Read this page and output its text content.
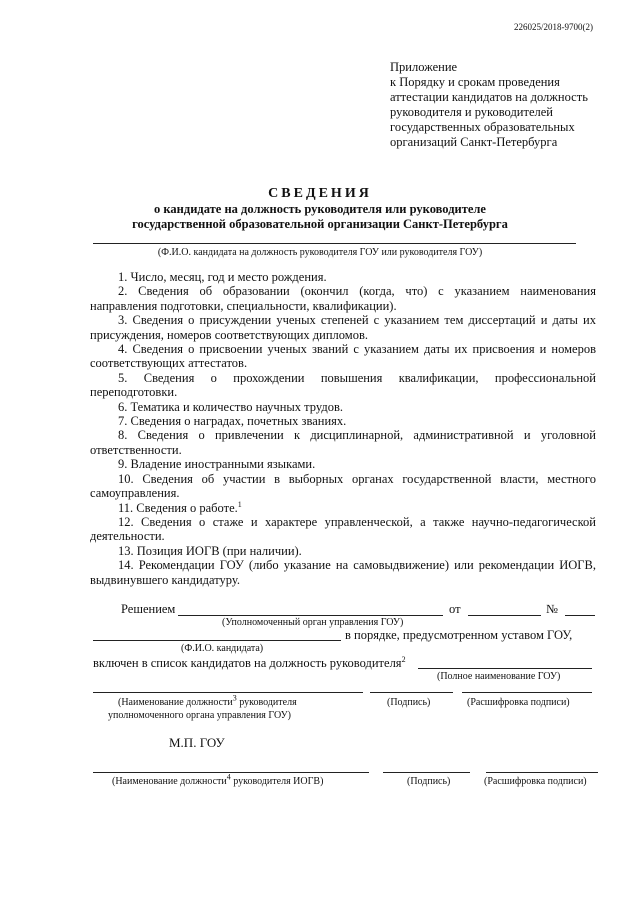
226025/2018-9700(2)
Приложение
к Порядку и срокам проведения
аттестации кандидатов на должность
руководителя и руководителей
государственных образовательных
организаций Санкт-Петербурга
СВЕДЕНИЯ
о кандидате на должность руководителя или руководителе
государственной образовательной организации Санкт-Петербурга
(Ф.И.О. кандидата на должность руководителя ГОУ или руководителя ГОУ)

1. Число, месяц, год и место рождения.

2. Сведения об образовании (окончил (когда, что) с указанием наименования направления подготовки, специальности, квалификации).

3. Сведения о присуждении ученых степеней с указанием тем диссертаций и даты их присуждения, номеров соответствующих дипломов.

4. Сведения о присвоении ученых званий с указанием даты их присвоения и номеров соответствующих аттестатов.

5. Сведения о прохождении повышения квалификации, профессиональной переподготовки.

6. Тематика и количество научных трудов.

7. Сведения о наградах, почетных званиях.

8. Сведения о привлечении к дисциплинарной, административной и уголовной ответственности.

9. Владение иностранными языками.

10. Сведения об участии в выборных органах государственной власти, местного самоуправления.

11. Сведения о работе.$^1$

12. Сведения о стаже и характере управленческой, а также научно-педагогической деятельности.

13. Позиция ИОГВ (при наличии).

14. Рекомендации ГОУ (либо указание на самовыдвижение) или рекомендации ИОГВ, выдвинувшего кандидатуру.

Решением	от	№
(Уполномоченный орган управления ГОУ)
в порядке, предусмотренном уставом ГОУ,
(Ф.И.О. кандидата)
включен в список кандидатов на должность руководителя$^2$
(Полное наименование ГОУ)
(Наименование должности$^3$ руководителя
уполномоченного органа управления ГОУ)
(Подпись)	(Расшифровка подписи)
М.П. ГОУ
(Наименование должности$^4$ руководителя ИОГВ)	(Подпись)	(Расшифровка подписи)
